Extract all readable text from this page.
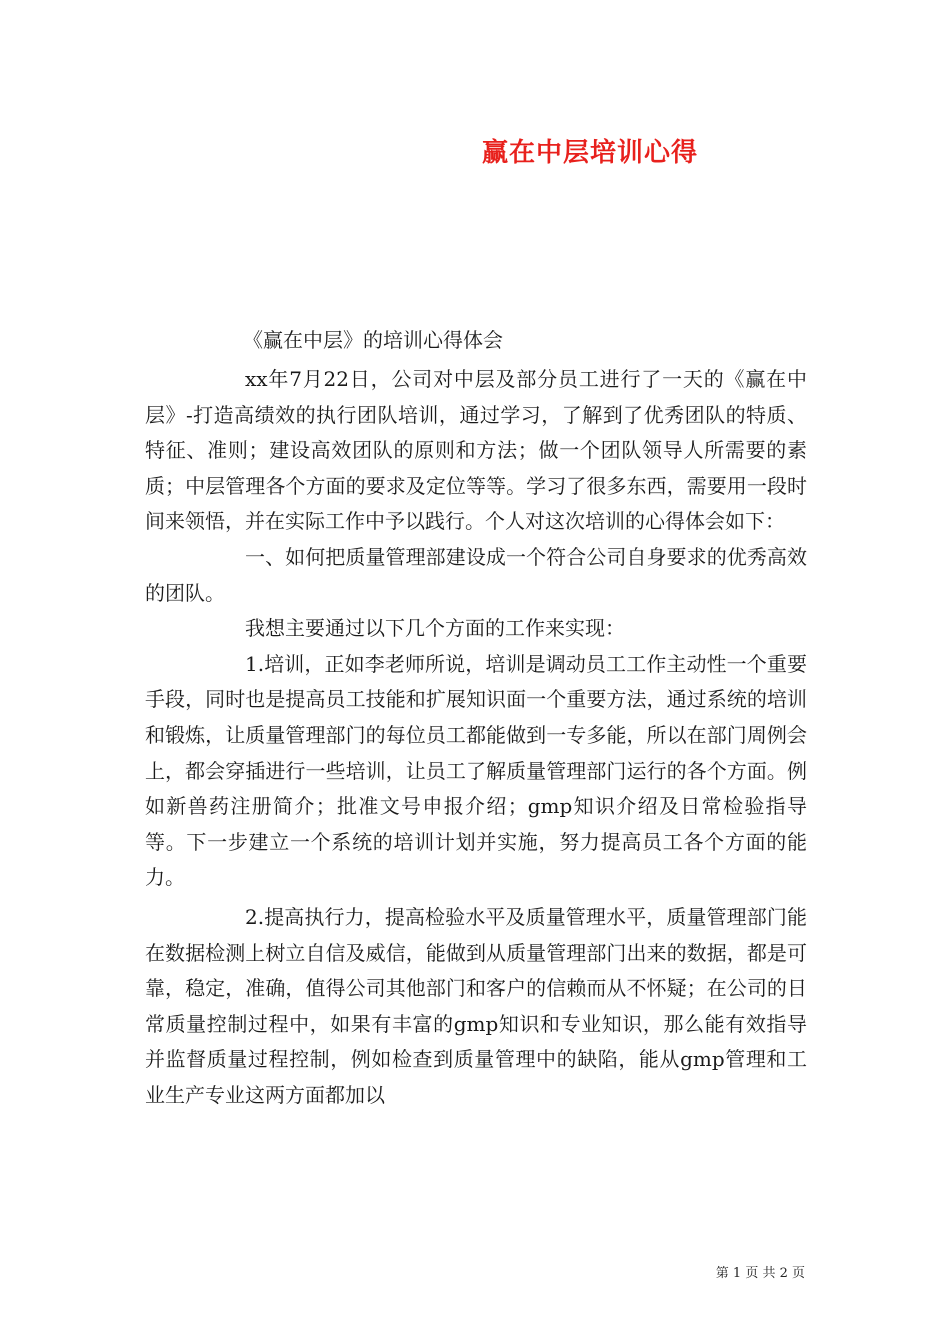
赢在中层培训心得
《赢在中层》的培训心得体会

xx年7月22日，公司对中层及部分员工进行了一天的《赢在中层》-打造高绩效的执行团队培训，通过学习，了解到了优秀团队的特质、特征、准则；建设高效团队的原则和方法；做一个团队领导人所需要的素质；中层管理各个方面的要求及定位等等。学习了很多东西，需要用一段时间来领悟，并在实际工作中予以践行。个人对这次培训的心得体会如下：

一、如何把质量管理部建设成一个符合公司自身要求的优秀高效的团队。

我想主要通过以下几个方面的工作来实现：

1.培训，正如李老师所说，培训是调动员工工作主动性一个重要手段，同时也是提高员工技能和扩展知识面一个重要方法，通过系统的培训和锻炼，让质量管理部门的每位员工都能做到一专多能，所以在部门周例会上，都会穿插进行一些培训，让员工了解质量管理部门运行的各个方面。例如新兽药注册简介；批准文号申报介绍；gmp知识介绍及日常检验指导等。下一步建立一个系统的培训计划并实施，努力提高员工各个方面的能力。

2.提高执行力，提高检验水平及质量管理水平，质量管理部门能在数据检测上树立自信及威信，能做到从质量管理部门出来的数据，都是可靠，稳定，准确，值得公司其他部门和客户的信赖而从不怀疑；在公司的日常质量控制过程中，如果有丰富的gmp知识和专业知识，那么能有效指导并监督质量过程控制，例如检查到质量管理中的缺陷，能从gmp管理和工业生产专业这两方面都加以

第 1 页 共 2 页
